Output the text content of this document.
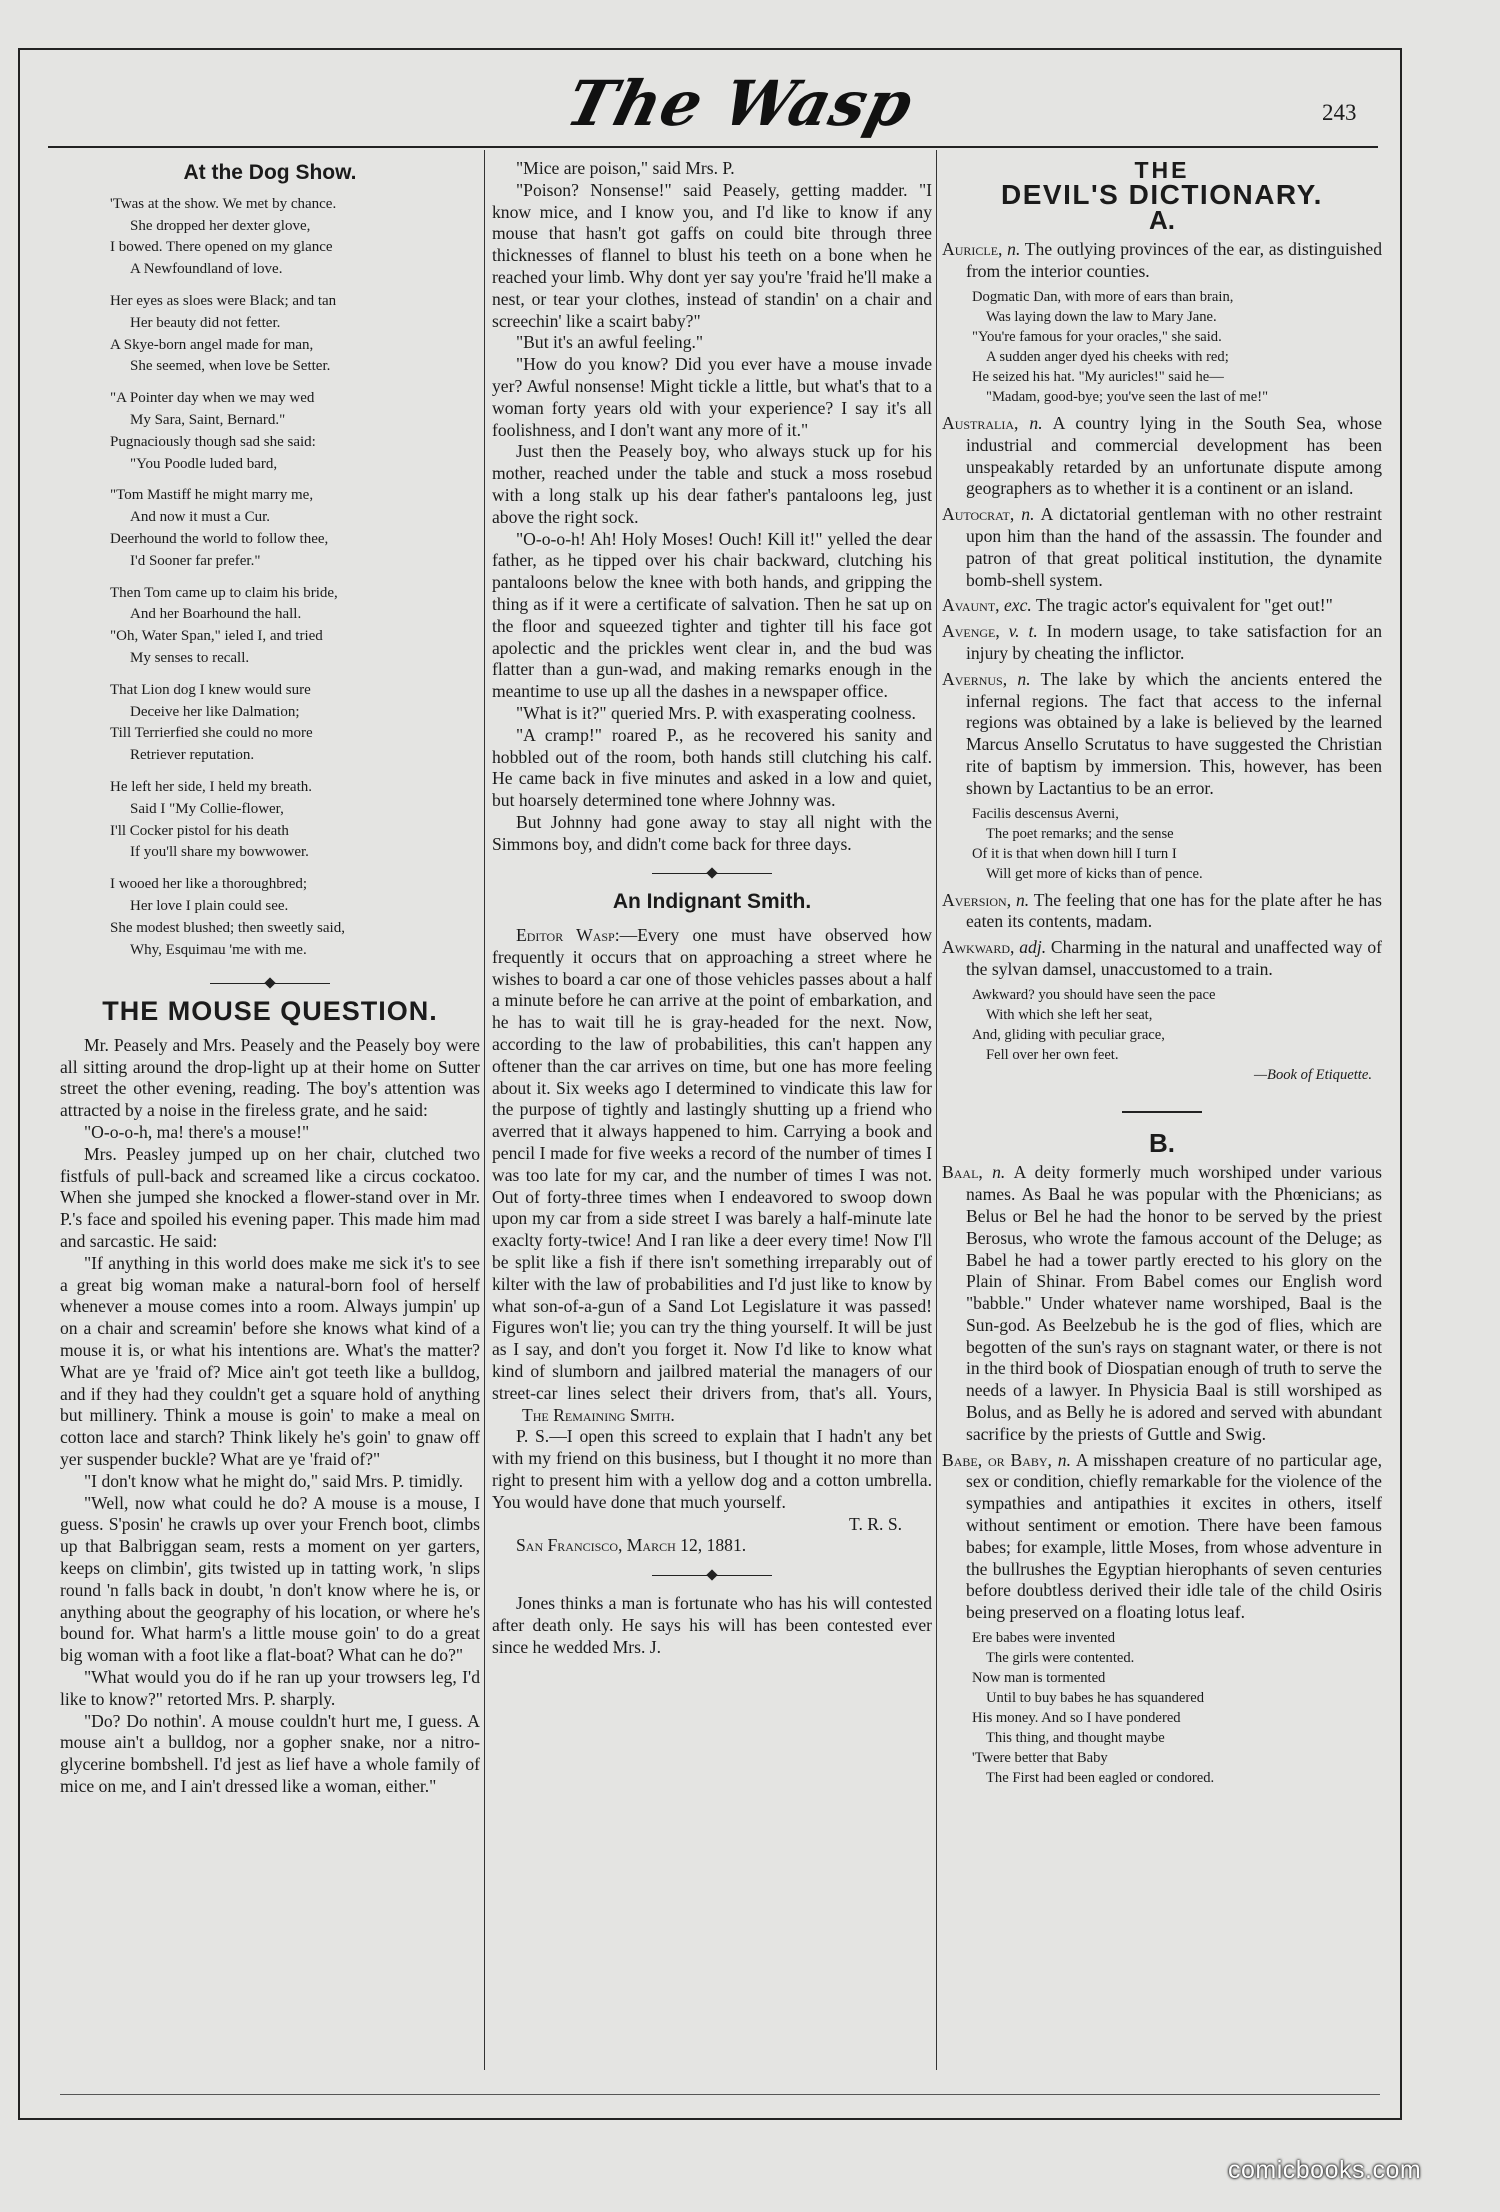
The Wasp	243
At the Dog Show.
'Twas at the show. We met by chance.
She dropped her dexter glove,
I bowed. There opened on my glance
A Newfoundland of love.
Her eyes as sloes were Black; and tan
Her beauty did not fetter.
A Skye-born angel made for man,
She seemed, when love be Setter.
"A Pointer day when we may wed
My Sara, Saint, Bernard."
Pugnaciously though sad she said:
"You Poodle luded bard,
"Tom Mastiff he might marry me,
And now it must a Cur.
Deerhound the world to follow thee,
I'd Sooner far prefer."
Then Tom came up to claim his bride,
And her Boarhound the hall.
"Oh, Water Span," ieled I, and tried
My senses to recall.
That Lion dog I knew would sure
Deceive her like Dalmation;
Till Terrierfied she could no more
Retriever reputation.
He left her side, I held my breath.
Said I "My Collie-flower,
I'll Cocker pistol for his death
If you'll share my bowwower.
I wooed her like a thoroughbred;
Her love I plain could see.
She modest blushed; then sweetly said,
Why, Esquimau 'me with me.
THE MOUSE QUESTION.

Mr. Peasely and Mrs. Peasely and the Peasely boy were all sitting around the drop-light up at their home on Sutter street the other evening, reading. The boy's attention was attracted by a noise in the fireless grate, and he said:

"O-o-o-h, ma! there's a mouse!"

Mrs. Peasley jumped up on her chair, clutched two fistfuls of pull-back and screamed like a circus cockatoo. When she jumped she knocked a flower-stand over in Mr. P.'s face and spoiled his evening paper. This made him mad and sarcastic. He said:

"If anything in this world does make me sick it's to see a great big woman make a natural-born fool of herself whenever a mouse comes into a room. Always jumpin' up on a chair and screamin' before she knows what kind of a mouse it is, or what his intentions are. What's the matter? What are ye 'fraid of? Mice ain't got teeth like a bulldog, and if they had they couldn't get a square hold of anything but millinery. Think a mouse is goin' to make a meal on cotton lace and starch? Think likely he's goin' to gnaw off yer suspender buckle? What are ye 'fraid of?"

"I don't know what he might do," said Mrs. P. timidly.

"Well, now what could he do? A mouse is a mouse, I guess. S'posin' he crawls up over your French boot, climbs up that Balbriggan seam, rests a moment on yer garters, keeps on climbin', gits twisted up in tatting work, 'n slips round 'n falls back in doubt, 'n don't know where he is, or anything about the geography of his location, or where he's bound for. What harm's a little mouse goin' to do a great big woman with a foot like a flat-boat? What can he do?"

"What would you do if he ran up your trowsers leg, I'd like to know?" retorted Mrs. P. sharply.

"Do? Do nothin'. A mouse couldn't hurt me, I guess. A mouse ain't a bulldog, nor a gopher snake, nor a nitro-glycerine bombshell. I'd jest as lief have a whole family of mice on me, and I ain't dressed like a woman, either."

"Mice are poison," said Mrs. P.

"Poison? Nonsense!" said Peasely, getting madder. "I know mice, and I know you, and I'd like to know if any mouse that hasn't got gaffs on could bite through three thicknesses of flannel to blust his teeth on a bone when he reached your limb. Why dont yer say you're 'fraid he'll make a nest, or tear your clothes, instead of standin' on a chair and screechin' like a scairt baby?"

"But it's an awful feeling."

"How do you know? Did you ever have a mouse invade yer? Awful nonsense! Might tickle a little, but what's that to a woman forty years old with your experience? I say it's all foolishness, and I don't want any more of it."

Just then the Peasely boy, who always stuck up for his mother, reached under the table and stuck a moss rosebud with a long stalk up his dear father's pantaloons leg, just above the right sock.

"O-o-o-h! Ah! Holy Moses! Ouch! Kill it!" yelled the dear father, as he tipped over his chair backward, clutching his pantaloons below the knee with both hands, and gripping the thing as if it were a certificate of salvation. Then he sat up on the floor and squeezed tighter and tighter till his face got apolectic and the prickles went clear in, and the bud was flatter than a gun-wad, and making remarks enough in the meantime to use up all the dashes in a newspaper office.

"What is it?" queried Mrs. P. with exasperating coolness.

"A cramp!" roared P., as he recovered his sanity and hobbled out of the room, both hands still clutching his calf. He came back in five minutes and asked in a low and quiet, but hoarsely determined tone where Johnny was.

But Johnny had gone away to stay all night with the Simmons boy, and didn't come back for three days.

An Indignant Smith.

Editor Wasp:—Every one must have observed how frequently it occurs that on approaching a street where he wishes to board a car one of those vehicles passes about a half a minute before he can arrive at the point of embarkation, and he has to wait till he is gray-headed for the next. Now, according to the law of probabilities, this can't happen any oftener than the car arrives on time, but one has more feeling about it. Six weeks ago I determined to vindicate this law for the purpose of tightly and lastingly shutting up a friend who averred that it always happened to him. Carrying a book and pencil I made for five weeks a record of the number of times I was too late for my car, and the number of times I was not. Out of forty-three times when I endeavored to swoop down upon my car from a side street I was barely a half-minute late exaclty forty-twice! And I ran like a deer every time! Now I'll be split like a fish if there isn't something irreparably out of kilter with the law of probabilities and I'd just like to know by what son-of-a-gun of a Sand Lot Legislature it was passed! Figures won't lie; you can try the thing yourself. It will be just as I say, and don't you forget it. Now I'd like to know what kind of slumborn and jailbred material the managers of our street-car lines select their drivers from, that's all. Yours, The Remaining Smith.

P. S.—I open this screed to explain that I hadn't any bet with my friend on this business, but I thought it no more than right to present him with a yellow dog and a cotton umbrella. You would have done that much yourself.

T. R. S.

San Francisco, March 12, 1881.

Jones thinks a man is fortunate who has his will contested after death only. He says his will has been contested ever since he wedded Mrs. J.

THE
DEVIL'S DICTIONARY.
A.

Auricle, n. The outlying provinces of the ear, as distinguished from the interior counties.

Dogmatic Dan, with more of ears than brain,
Was laying down the law to Mary Jane.
"You're famous for your oracles," she said.
A sudden anger dyed his cheeks with red;
He seized his hat. "My auricles!" said he—
"Madam, good-bye; you've seen the last of me!"

Australia, n. A country lying in the South Sea, whose industrial and commercial development has been unspeakably retarded by an unfortunate dispute among geographers as to whether it is a continent or an island.

Autocrat, n. A dictatorial gentleman with no other restraint upon him than the hand of the assassin. The founder and patron of that great political institution, the dynamite bomb-shell system.

Avaunt, exc. The tragic actor's equivalent for "get out!"

Avenge, v. t. In modern usage, to take satisfaction for an injury by cheating the inflictor.

Avernus, n. The lake by which the ancients entered the infernal regions. The fact that access to the infernal regions was obtained by a lake is believed by the learned Marcus Ansello Scrutatus to have suggested the Christian rite of baptism by immersion. This, however, has been shown by Lactantius to be an error.

Facilis descensus Averni,
The poet remarks; and the sense
Of it is that when down hill I turn I
Will get more of kicks than of pence.

Aversion, n. The feeling that one has for the plate after he has eaten its contents, madam.

Awkward, adj. Charming in the natural and unaffected way of the sylvan damsel, unaccustomed to a train.

Awkward? you should have seen the pace
With which she left her seat,
And, gliding with peculiar grace,
Fell over her own feet.
—Book of Etiquette.
B.

Baal, n. A deity formerly much worshiped under various names. As Baal he was popular with the Phœnicians; as Belus or Bel he had the honor to be served by the priest Berosus, who wrote the famous account of the Deluge; as Babel he had a tower partly erected to his glory on the Plain of Shinar. From Babel comes our English word "babble." Under whatever name worshiped, Baal is the Sun-god. As Beelzebub he is the god of flies, which are begotten of the sun's rays on stagnant water, or there is not in the third book of Diospatian enough of truth to serve the needs of a lawyer. In Physicia Baal is still worshiped as Bolus, and as Belly he is adored and served with abundant sacrifice by the priests of Guttle and Swig.

Babe, or Baby, n. A misshapen creature of no particular age, sex or condition, chiefly remarkable for the violence of the sympathies and antipathies it excites in others, itself without sentiment or emotion. There have been famous babes; for example, little Moses, from whose adventure in the bullrushes the Egyptian hierophants of seven centuries before doubtless derived their idle tale of the child Osiris being preserved on a floating lotus leaf.

Ere babes were invented
The girls were contented.
Now man is tormented
Until to buy babes he has squandered
His money. And so I have pondered
This thing, and thought maybe
'Twere better that Baby
The First had been eagled or condored.
comicbooks.com
